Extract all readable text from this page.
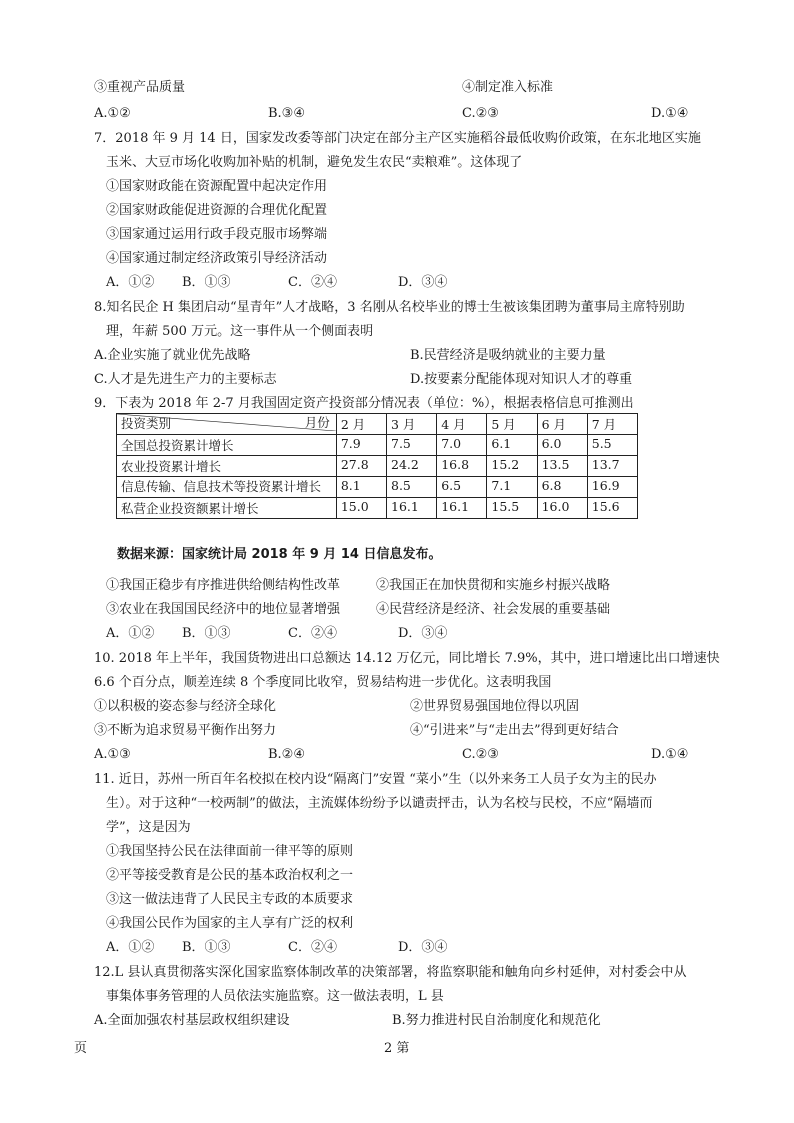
③重视产品质量	④制定准入标准
A.①②	B.③④	C.②③	D.①④
7．2018 年 9 月 14 日，国家发改委等部门决定在部分主产区实施稻谷最低收购价政策，在东北地区实施
玉米、大豆市场化收购加补贴的机制，避免发生农民“卖粮难”。这体现了
①国家财政能在资源配置中起决定作用
②国家财政能促进资源的合理优化配置
③国家通过运用行政手段克服市场弊端
④国家通过制定经济政策引导经济活动
A．①② B．①③	C．②④	D．③④
8.知名民企 H 集团启动“星青年”人才战略，3 名刚从名校毕业的博士生被该集团聘为董事局主席特别助
理，年薪 500 万元。这一事件从一个侧面表明
A.企业实施了就业优先战略	B.民营经济是吸纳就业的主要力量
C.人才是先进生产力的主要标志	D.按要素分配能体现对知识人才的尊重
9．下表为 2018 年 2-7 月我国固定资产投资部分情况表（单位：%），根据表格信息可推测出
投资类别 月份	2 月	3 月	4 月	5 月	6 月	7 月
全国总投资累计增长	7.9	7.5	7.0	6.1	6.0	5.5
农业投资累计增长	27.8	24.2	16.8	15.2	13.5	13.7
信息传输、信息技术等投资累计增长	8.1	8.5	6.5	7.1	6.8	16.9
私营企业投资额累计增长	15.0	16.1	16.1	15.5	16.0	15.6
数据来源：国家统计局 2018 年 9 月 14 日信息发布。
①我国正稳步有序推进供给侧结构性改革	②我国正在加快贯彻和实施乡村振兴战略
③农业在我国国民经济中的地位显著增强	④民营经济是经济、社会发展的重要基础
A．①② B．①③	C．②④	D．③④
10. 2018 年上半年，我国货物进出口总额达 14.12 万亿元，同比增长 7.9%，其中，进口增速比出口增速快
6.6 个百分点，顺差连续 8 个季度同比收窄，贸易结构进一步优化。这表明我国
①以积极的姿态参与经济全球化	②世界贸易强国地位得以巩固
③不断为追求贸易平衡作出努力	④“引进来”与“走出去”得到更好结合
A.①③	B.②④	C.②③	D.①④
11. 近日，苏州一所百年名校拟在校内设“隔离门”安置 “菜小”生（以外来务工人员子女为主的民办
生）。对于这种“一校两制”的做法，主流媒体纷纷予以谴责抨击，认为名校与民校，不应“隔墙而
学”，这是因为
①我国坚持公民在法律面前一律平等的原则
②平等接受教育是公民的基本政治权利之一
③这一做法违背了人民民主专政的本质要求
④我国公民作为国家的主人享有广泛的权利
A．①② B．①③	C．②④	D．③④
12.L 县认真贯彻落实深化国家监察体制改革的决策部署，将监察职能和触角向乡村延伸，对村委会中从
事集体事务管理的人员依法实施监察。这一做法表明，L 县
A.全面加强农村基层政权组织建设	B.努力推进村民自治制度化和规范化
页	2 第
